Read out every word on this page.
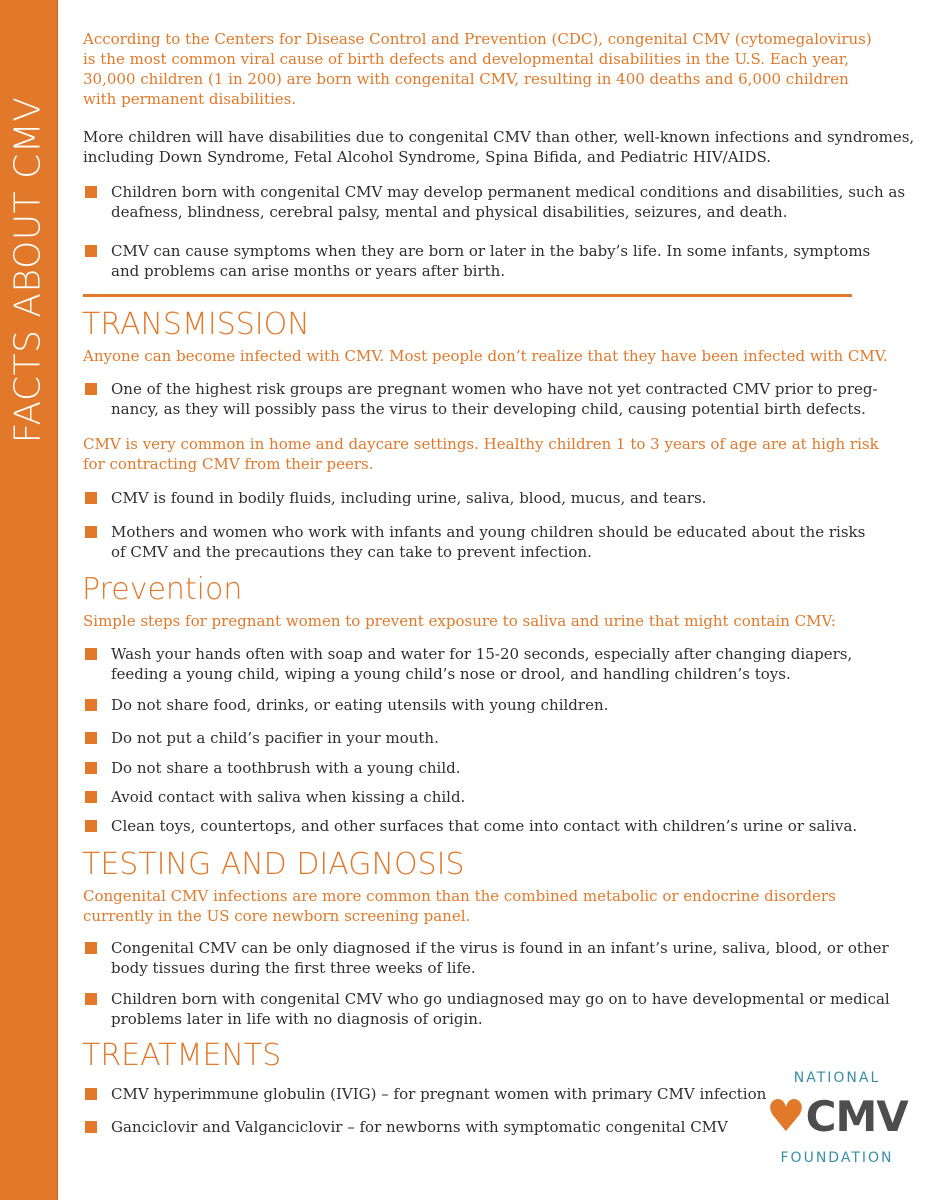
FACTS ABOUT CMV

According to the Centers for Disease Control and Prevention (CDC), congenital CMV (cytomegalovirus)

is the most common viral cause of birth defects and developmental disabilities in the U.S. Each year,

30,000 children (1 in 200) are born with congenital CMV, resulting in 400 deaths and 6,000 children

with permanent disabilities.

More children will have disabilities due to congenital CMV than other, well-known infections and syndromes,

including Down Syndrome, Fetal Alcohol Syndrome, Spina Bifida, and Pediatric HIV/AIDS.

Children born with congenital CMV may develop permanent medical conditions and disabilities, such as

deafness, blindness, cerebral palsy, mental and physical disabilities, seizures, and death.

CMV can cause symptoms when they are born or later in the baby’s life. In some infants, symptoms

and problems can arise months or years after birth.

TRANSMISSION

Anyone can become infected with CMV. Most people don’t realize that they have been infected with CMV.

One of the highest risk groups are pregnant women who have not yet contracted CMV prior to preg-

nancy, as they will possibly pass the virus to their developing child, causing potential birth defects.

CMV is very common in home and daycare settings. Healthy children 1 to 3 years of age are at high risk

for contracting CMV from their peers.

CMV is found in bodily fluids, including urine, saliva, blood, mucus, and tears.

Mothers and women who work with infants and young children should be educated about the risks

of CMV and the precautions they can take to prevent infection.

Prevention

Simple steps for pregnant women to prevent exposure to saliva and urine that might contain CMV:

Wash your hands often with soap and water for 15-20 seconds, especially after changing diapers,

feeding a young child, wiping a young child’s nose or drool, and handling children’s toys.

Do not share food, drinks, or eating utensils with young children.

Do not put a child’s pacifier in your mouth.

Do not share a toothbrush with a young child.

Avoid contact with saliva when kissing a child.

Clean toys, countertops, and other surfaces that come into contact with children’s urine or saliva.

TESTING AND DIAGNOSIS

Congenital CMV infections are more common than the combined metabolic or endocrine disorders

currently in the US core newborn screening panel.

Congenital CMV can be only diagnosed if the virus is found in an infant’s urine, saliva, blood, or other

body tissues during the first three weeks of life.

Children born with congenital CMV who go undiagnosed may go on to have developmental or medical

problems later in life with no diagnosis of origin.

TREATMENTS

CMV hyperimmune globulin (IVIG) – for pregnant women with primary CMV infection

Ganciclovir and Valganciclovir – for newborns with symptomatic congenital CMV

NATIONAL
♥ CMV
FOUNDATION
